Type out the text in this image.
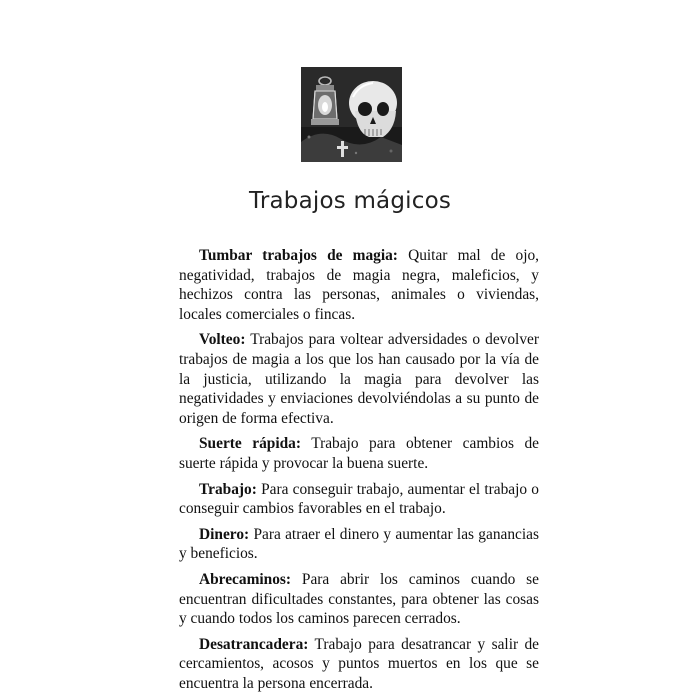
Trabajos mágicos

Tumbar trabajos de magia: Quitar mal de ojo, negatividad, trabajos de magia negra, maleficios, y hechizos contra las personas, animales o viviendas, locales comerciales o fincas.

Volteo: Trabajos para voltear adversidades o devolver trabajos de magia a los que los han causado por la vía de la justicia, utilizando la magia para devolver las negatividades y enviaciones devolviéndolas a su punto de origen de forma efectiva.

Suerte rápida: Trabajo para obtener cambios de suerte rápida y provocar la buena suerte.

Trabajo: Para conseguir trabajo, aumentar el trabajo o conseguir cambios favorables en el trabajo.

Dinero: Para atraer el dinero y aumentar las ganancias y beneficios.

Abrecaminos: Para abrir los caminos cuando se encuentran dificultades constantes, para obtener las cosas y cuando todos los caminos parecen cerrados.

Desatrancadera: Trabajo para desatrancar y salir de cercamientos, acosos y puntos muertos en los que se encuentra la persona encerrada.
